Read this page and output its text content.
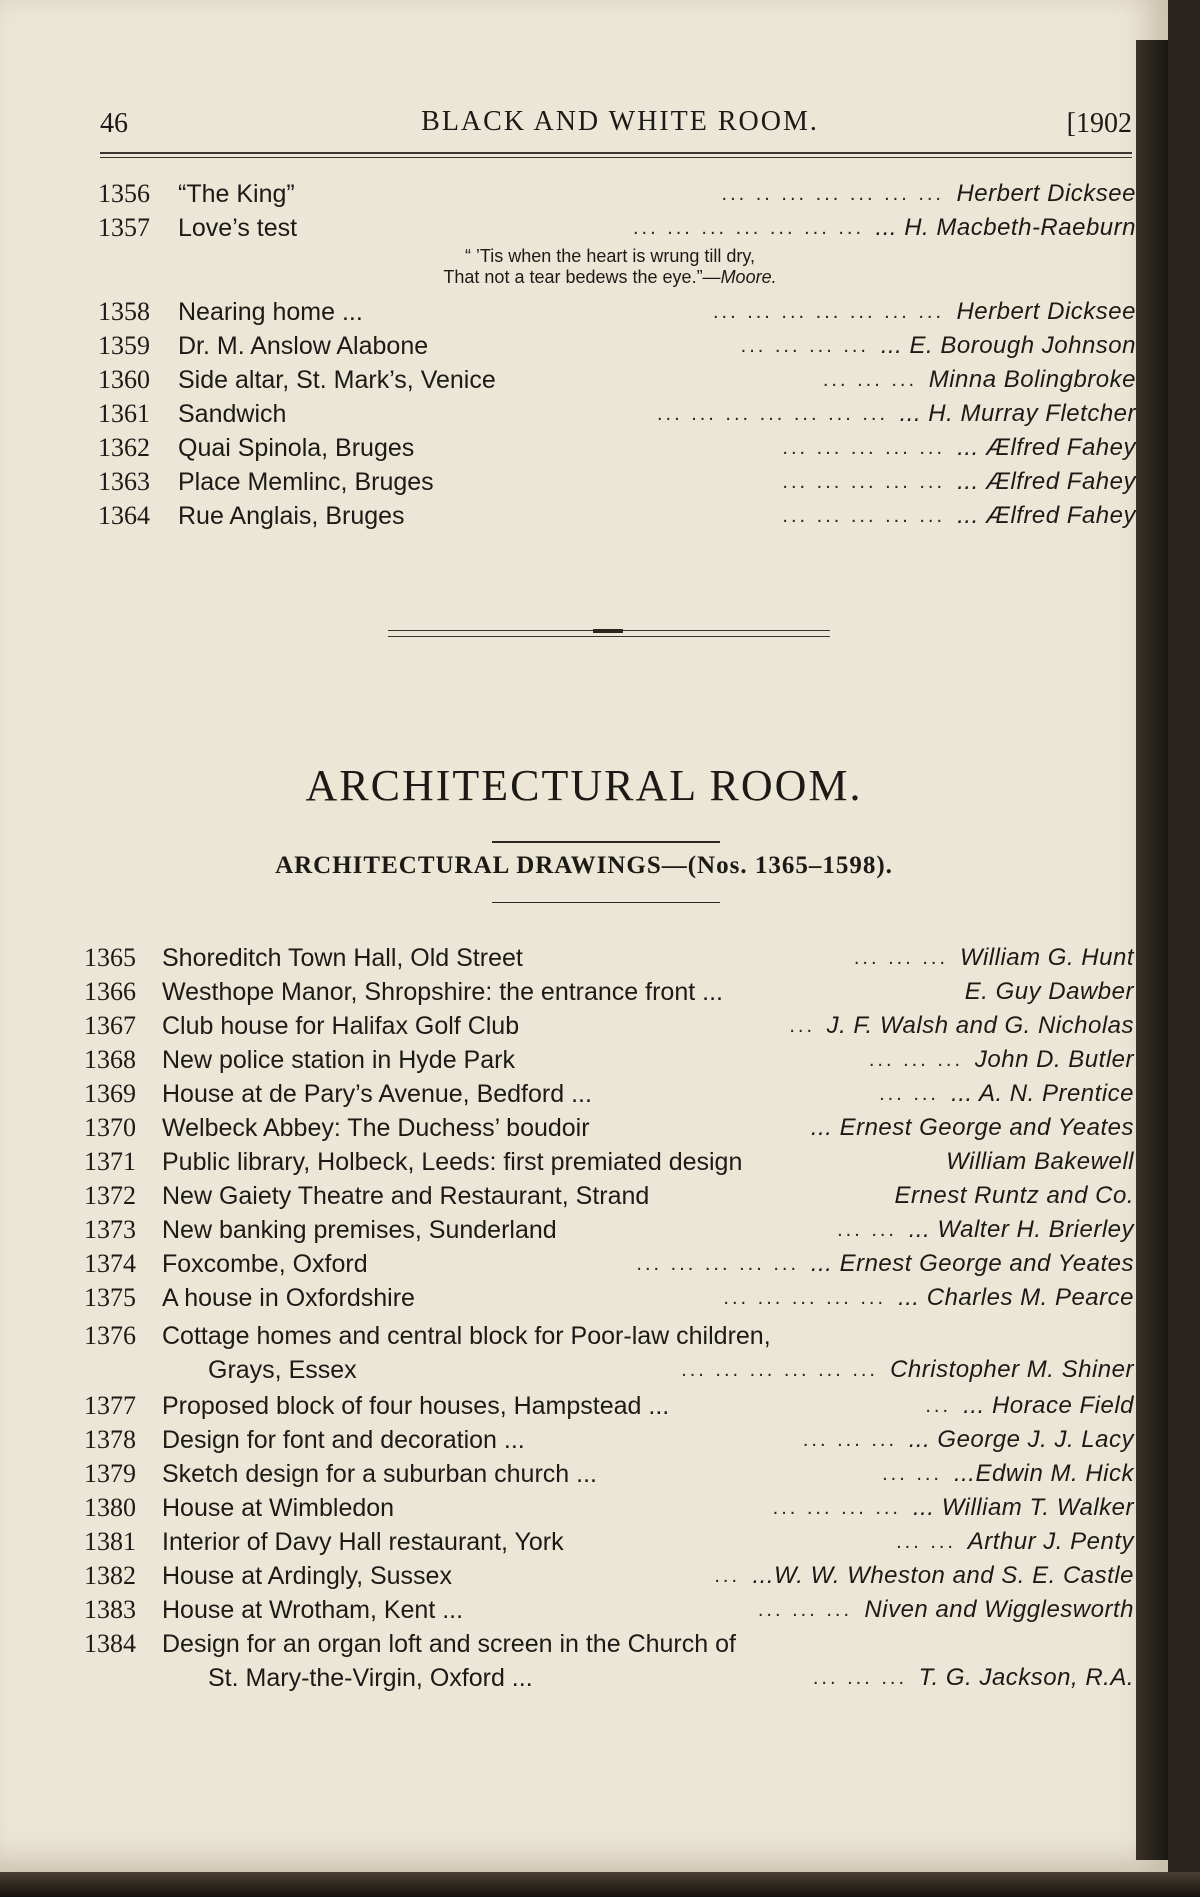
46	BLACK AND WHITE ROOM.	[1902
1356 “The King”	... .. ... ... ... ... ... Herbert Dicksee
1357 Love’s test	... ... ... ... ... ... ... ... H. Macbeth-Raeburn
1358 Nearing home ...	... ... ... ... ... ... ... Herbert Dicksee
1359 Dr. M. Anslow Alabone	... ... ... ... ... E. Borough Johnson
1360 Side altar, St. Mark’s, Venice	... ... ... Minna Bolingbroke
1361 Sandwich	... ... ... ... ... ... ... ... H. Murray Fletcher
1362 Quai Spinola, Bruges	... ... ... ... ... ... Ælfred Fahey
1363 Place Memlinc, Bruges	... ... ... ... ... ... Ælfred Fahey
1364 Rue Anglais, Bruges	... ... ... ... ... ... Ælfred Fahey
“ ’Tis when the heart is wrung till dry,
That not a tear bedews the eye.”—Moore.
ARCHITECTURAL ROOM.
ARCHITECTURAL DRAWINGS—(Nos. 1365–1598).
1365 Shoreditch Town Hall, Old Street	... ... ... William G. Hunt
1366 Westhope Manor, Shropshire: the entrance front ...	E. Guy Dawber
1367 Club house for Halifax Golf Club	... J. F. Walsh and G. Nicholas
1368 New police station in Hyde Park	... ... ... John D. Butler
1369 House at de Pary’s Avenue, Bedford ...	... ... ... A. N. Prentice
1370 Welbeck Abbey: The Duchess’ boudoir	... Ernest George and Yeates
1371 Public library, Holbeck, Leeds: first premiated design	William Bakewell
1372 New Gaiety Theatre and Restaurant, Strand	Ernest Runtz and Co.
1373 New banking premises, Sunderland	... ... ... Walter H. Brierley
1374 Foxcombe, Oxford	... ... ... ... ... ... Ernest George and Yeates
1375 A house in Oxfordshire	... ... ... ... ... ... Charles M. Pearce
1376 Cottage homes and central block for Poor-law children,
Grays, Essex	... ... ... ... ... ... Christopher M. Shiner
1377 Proposed block of four houses, Hampstead ...	... ... Horace Field
1378 Design for font and decoration ...	... ... ... ... George J. J. Lacy
1379 Sketch design for a suburban church ...	... ... ...Edwin M. Hick
1380 House at Wimbledon	... ... ... ... ... William T. Walker
1381 Interior of Davy Hall restaurant, York	... ... Arthur J. Penty
1382 House at Ardingly, Sussex	... ...W. W. Wheston and S. E. Castle
1383 House at Wrotham, Kent ...	... ... ... Niven and Wigglesworth
1384 Design for an organ loft and screen in the Church of
St. Mary-the-Virgin, Oxford ...	... ... ... T. G. Jackson, R.A.
